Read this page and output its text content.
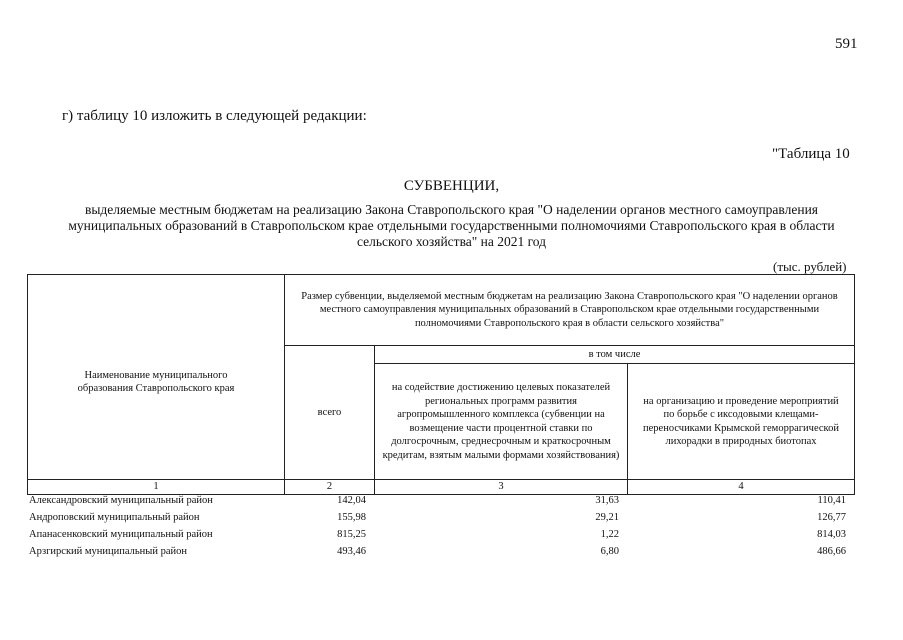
591
г) таблицу 10 изложить в следующей редакции:
"Таблица 10
СУБВЕНЦИИ,
выделяемые местным бюджетам на реализацию Закона Ставропольского края "О наделении органов местного самоуправления муниципальных образований в Ставропольском крае отдельными государственными полномочиями Ставропольского края в области сельского хозяйства" на 2021 год
(тыс. рублей)

Наименование муниципального образования Ставропольского края	Размер субвенции, выделяемой местным бюджетам на реализацию Закона Ставропольского края "О наделении органов местного самоуправления муниципальных образований в Ставропольском крае отдельными государственными полномочиями Ставропольского края в области сельского хозяйства"		

	всего	в том числе	

		на содействие достижению целевых показателей региональных программ развития агропромышленного комплекса (субвенции на возмещение части процентной ставки по долгосрочным, среднесрочным и краткосрочным кредитам, взятым малыми формами хозяйствования)	на организацию и проведение мероприятий по борьбе с иксодовыми клещами-переносчиками Крымской геморрагической лихорадки в природных биотопах

1	2	3	4

Александровский муниципальный район	142,04	31,63	110,41
Андроповский муниципальный район	155,98	29,21	126,77
Апанасенковский муниципальный район	815,25	1,22	814,03
Арзгирский муниципальный район	493,46	6,80	486,66
